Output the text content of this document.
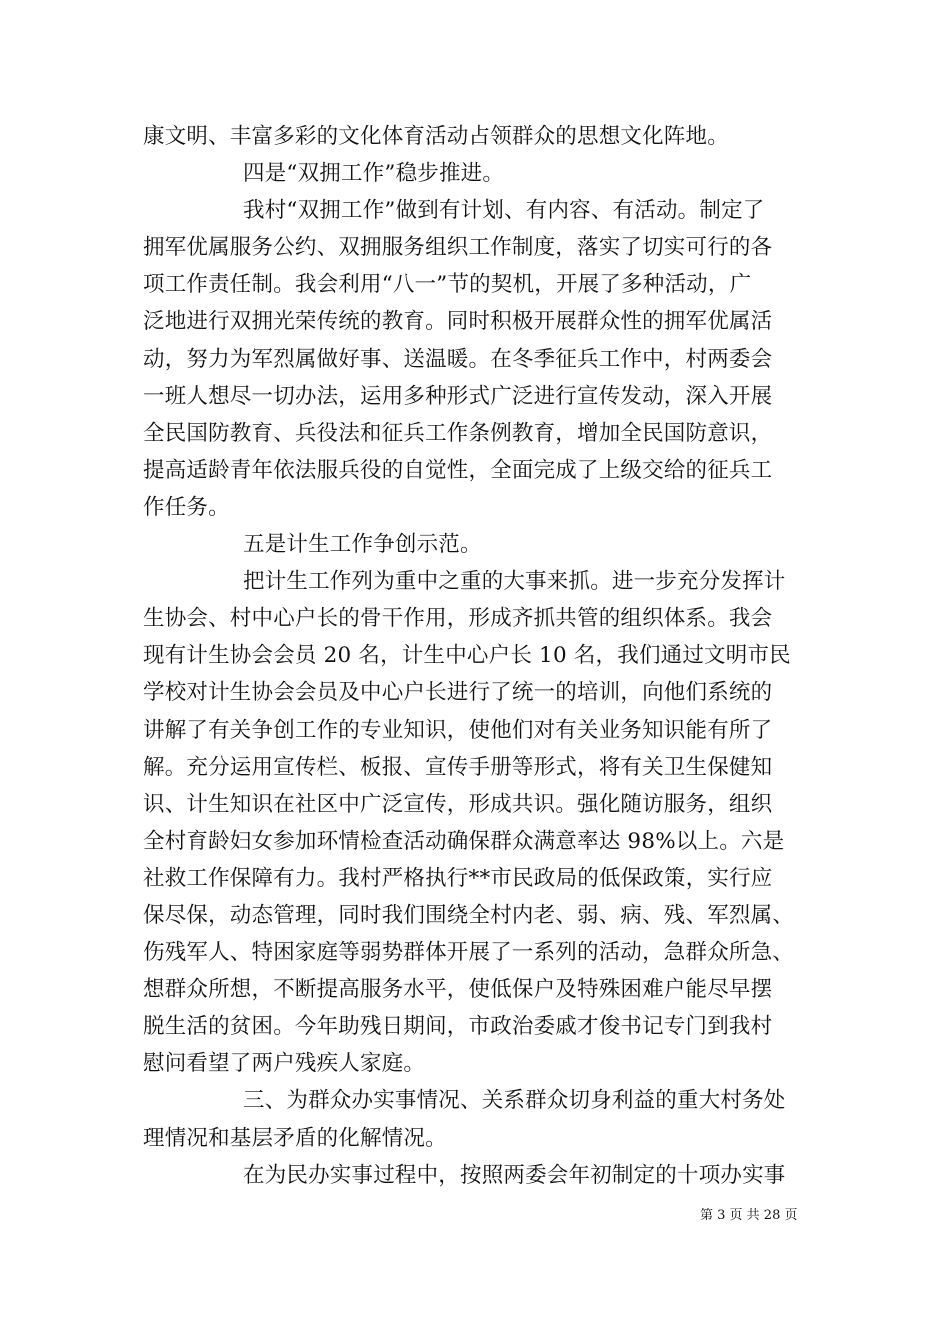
康文明、丰富多彩的文化体育活动占领群众的思想文化阵地。
四是“双拥工作”稳步推进。
我村“双拥工作”做到有计划、有内容、有活动。制定了
拥军优属服务公约、双拥服务组织工作制度，落实了切实可行的各
项工作责任制。我会利用“八一”节的契机，开展了多种活动，广
泛地进行双拥光荣传统的教育。同时积极开展群众性的拥军优属活
动，努力为军烈属做好事、送温暖。在冬季征兵工作中，村两委会
一班人想尽一切办法，运用多种形式广泛进行宣传发动，深入开展
全民国防教育、兵役法和征兵工作条例教育，增加全民国防意识，
提高适龄青年依法服兵役的自觉性，全面完成了上级交给的征兵工
作任务。
五是计生工作争创示范。
把计生工作列为重中之重的大事来抓。进一步充分发挥计
生协会、村中心户长的骨干作用，形成齐抓共管的组织体系。我会
现有计生协会会员 20 名，计生中心户长 10 名，我们通过文明市民
学校对计生协会会员及中心户长进行了统一的培训，向他们系统的
讲解了有关争创工作的专业知识，使他们对有关业务知识能有所了
解。充分运用宣传栏、板报、宣传手册等形式，将有关卫生保健知
识、计生知识在社区中广泛宣传，形成共识。强化随访服务，组织
全村育龄妇女参加环情检查活动确保群众满意率达 98%以上。六是
社救工作保障有力。我村严格执行**市民政局的低保政策，实行应
保尽保，动态管理，同时我们围绕全村内老、弱、病、残、军烈属、
伤残军人、特困家庭等弱势群体开展了一系列的活动，急群众所急、
想群众所想，不断提高服务水平，使低保户及特殊困难户能尽早摆
脱生活的贫困。今年助残日期间，市政治委戚才俊书记专门到我村
慰问看望了两户残疾人家庭。
三、为群众办实事情况、关系群众切身利益的重大村务处
理情况和基层矛盾的化解情况。
在为民办实事过程中，按照两委会年初制定的十项办实事
第 3 页 共 28 页
